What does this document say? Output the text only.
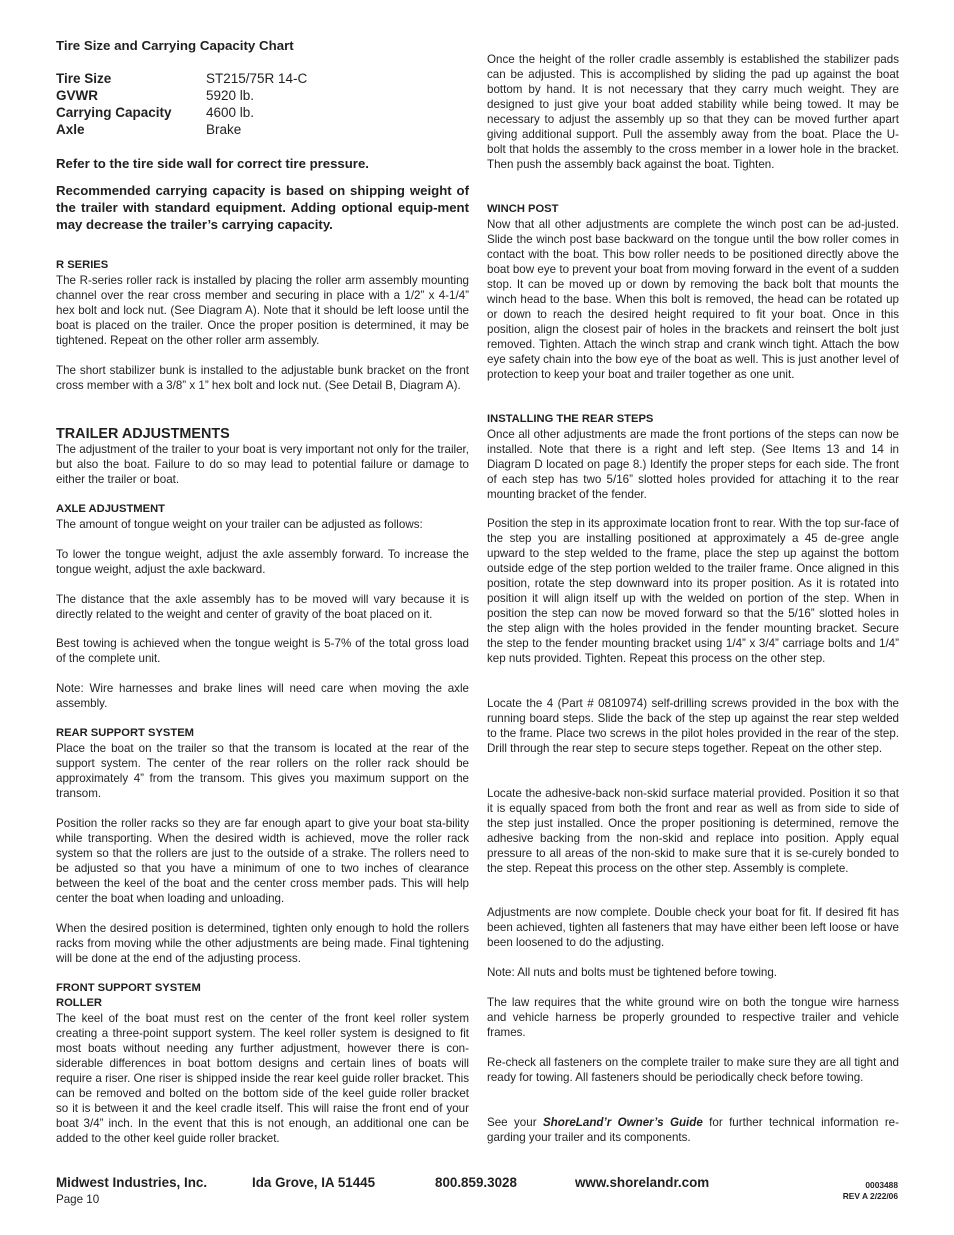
Tire Size and Carrying Capacity Chart
Tire Size	ST215/75R 14-C
GVWR	5920 lb.
Carrying Capacity	4600 lb.
Axle	Brake

Refer to the tire side wall for correct tire pressure.

Recommended carrying capacity is based on shipping weight of the trailer with standard equipment. Adding optional equip-ment may decrease the trailer’s carrying capacity.

R SERIES

The R-series roller rack is installed by placing the roller arm assembly mounting channel over the rear cross member and securing in place with a 1/2” x 4-1/4” hex bolt and lock nut. (See Diagram A). Note that it should be left loose until the boat is placed on the trailer. Once the proper position is determined, it may be tightened. Repeat on the other roller arm assembly.

The short stabilizer bunk is installed to the adjustable bunk bracket on the front cross member with a 3/8” x 1” hex bolt and lock nut. (See Detail B, Diagram A).

TRAILER ADJUSTMENTS

The adjustment of the trailer to your boat is very important not only for the trailer, but also the boat. Failure to do so may lead to potential failure or damage to either the trailer or boat.

AXLE ADJUSTMENT

The amount of tongue weight on your trailer can be adjusted as follows:

To lower the tongue weight, adjust the axle assembly forward. To increase the tongue weight, adjust the axle backward.

The distance that the axle assembly has to be moved will vary because it is directly related to the weight and center of gravity of the boat placed on it.

Best towing is achieved when the tongue weight is 5-7% of the total gross load of the complete unit.

Note: Wire harnesses and brake lines will need care when moving the axle assembly.

REAR SUPPORT SYSTEM

Place the boat on the trailer so that the transom is located at the rear of the support system. The center of the rear rollers on the roller rack should be approximately 4” from the transom. This gives you maximum support on the transom.

Position the roller racks so they are far enough apart to give your boat sta-bility while transporting. When the desired width is achieved, move the roller rack system so that the rollers are just to the outside of a strake. The rollers need to be adjusted so that you have a minimum of one to two inches of clearance between the keel of the boat and the center cross member pads. This will help center the boat when loading and unloading.

When the desired position is determined, tighten only enough to hold the rollers racks from moving while the other adjustments are being made. Final tightening will be done at the end of the adjusting process.

FRONT SUPPORT SYSTEM
ROLLER

The keel of the boat must rest on the center of the front keel roller system creating a three-point support system. The keel roller system is designed to fit most boats without needing any further adjustment, however there is con-siderable differences in boat bottom designs and certain lines of boats will require a riser. One riser is shipped inside the rear keel guide roller bracket. This can be removed and bolted on the bottom side of the keel guide roller bracket so it is between it and the keel cradle itself. This will raise the front end of your boat 3/4” inch. In the event that this is not enough, an additional one can be added to the other keel guide roller bracket.

Once the height of the roller cradle assembly is established the stabilizer pads can be adjusted. This is accomplished by sliding the pad up against the boat bottom by hand. It is not necessary that they carry much weight. They are designed to just give your boat added stability while being towed. It may be necessary to adjust the assembly up so that they can be moved further apart giving additional support. Pull the assembly away from the boat. Place the U-bolt that holds the assembly to the cross member in a lower hole in the bracket. Then push the assembly back against the boat. Tighten.

WINCH POST

Now that all other adjustments are complete the winch post can be ad-justed. Slide the winch post base backward on the tongue until the bow roller comes in contact with the boat. This bow roller needs to be positioned directly above the boat bow eye to prevent your boat from moving forward in the event of a sudden stop. It can be moved up or down by removing the back bolt that mounts the winch head to the base. When this bolt is removed, the head can be rotated up or down to reach the desired height required to fit your boat. Once in this position, align the closest pair of holes in the brackets and reinsert the bolt just removed. Tighten. Attach the winch strap and crank winch tight. Attach the bow eye safety chain into the bow eye of the boat as well. This is just another level of protection to keep your boat and trailer together as one unit.

INSTALLING THE REAR STEPS

Once all other adjustments are made the front portions of the steps can now be installed. Note that there is a right and left step. (See Items 13 and 14 in Diagram D located on page 8.) Identify the proper steps for each side. The front of each step has two 5/16” slotted holes provided for attaching it to the rear mounting bracket of the fender.

Position the step in its approximate location front to rear. With the top sur-face of the step you are installing positioned at approximately a 45 de-gree angle upward to the step welded to the frame, place the step up against the bottom outside edge of the step portion welded to the trailer frame. Once aligned in this position, rotate the step downward into its proper position. As it is rotated into position it will align itself up with the welded on portion of the step. When in position the step can now be moved forward so that the 5/16” slotted holes in the step align with the holes provided in the fender mounting bracket. Secure the step to the fender mounting bracket using 1/4” x 3/4” carriage bolts and 1/4” kep nuts provided. Tighten. Repeat this process on the other step.

Locate the 4 (Part # 0810974) self-drilling screws provided in the box with the running board steps. Slide the back of the step up against the rear step welded to the frame. Place two screws in the pilot holes provided in the rear of the step. Drill through the rear step to secure steps together. Repeat on the other step.

Locate the adhesive-back non-skid surface material provided. Position it so that it is equally spaced from both the front and rear as well as from side to side of the step just installed. Once the proper positioning is determined, remove the adhesive backing from the non-skid and replace into position. Apply equal pressure to all areas of the non-skid to make sure that it is se-curely bonded to the step. Repeat this process on the other step. Assembly is complete.

Adjustments are now complete. Double check your boat for fit. If desired fit has been achieved, tighten all fasteners that may have either been left loose or have been loosened to do the adjusting.

Note: All nuts and bolts must be tightened before towing.

The law requires that the white ground wire on both the tongue wire harness and vehicle harness be properly grounded to respective trailer and vehicle frames.

Re-check all fasteners on the complete trailer to make sure they are all tight and ready for towing. All fasteners should be periodically check before towing.

See your ShoreLand’r Owner’s Guide for further technical information re-garding your trailer and its components.

Midwest Industries, Inc.	Ida Grove, IA 51445	800.859.3028	www.shorelandr.com
Page 10
0003488
REV A 2/22/06
